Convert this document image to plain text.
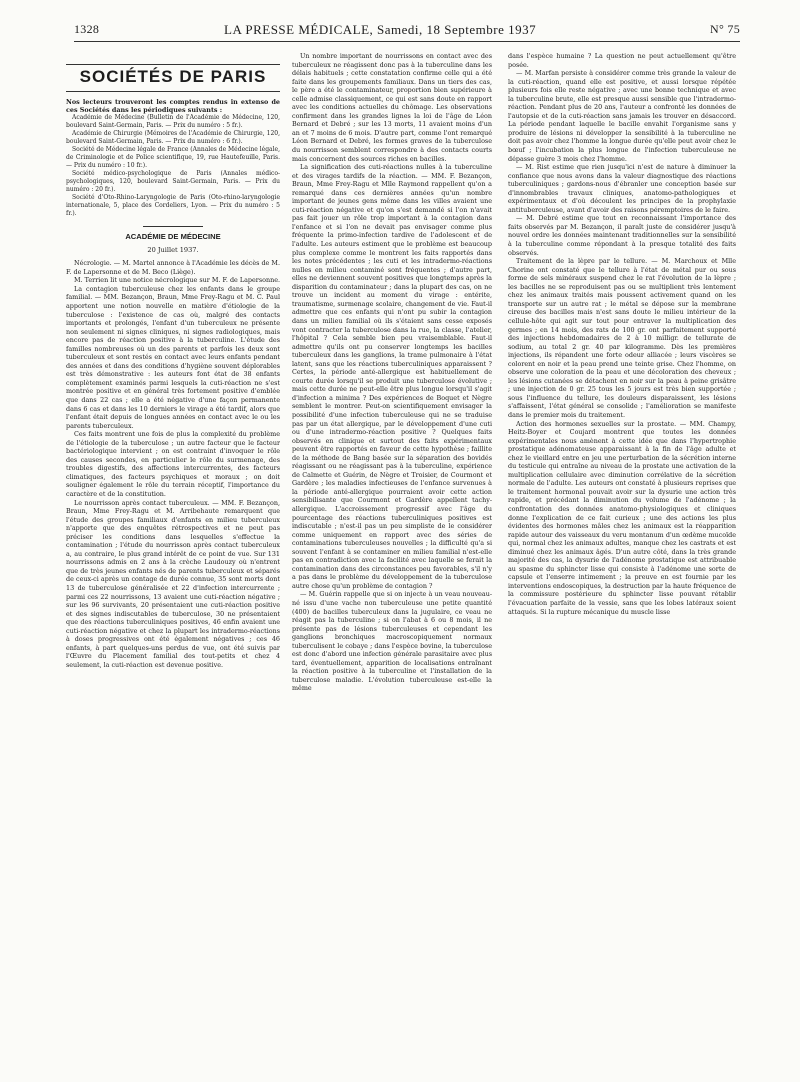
1328	LA PRESSE MÉDICALE, Samedi, 18 Septembre 1937	N° 75
SOCIÉTÉS DE PARIS

Nos lecteurs trouveront les comptes rendus in extenso de ces Sociétés dans les périodiques suivants :

Académie de Médecine (Bulletin de l'Académie de Médecine, 120, boulevard Saint-Germain, Paris. — Prix du numéro : 5 fr.).

Académie de Chirurgie (Mémoires de l'Académie de Chirurgie, 120, boulevard Saint-Germain, Paris. — Prix du numéro : 6 fr.).

Société de Médecine légale de France (Annales de Médecine légale, de Criminologie et de Police scientifique, 19, rue Hautefeuille, Paris. — Prix du numéro : 10 fr.).

Société médico-psychologique de Paris (Annales médico-psychologiques, 120, boulevard Saint-Germain, Paris. — Prix du numéro : 20 fr.).

Société d'Oto-Rhino-Laryngologie de Paris (Oto-rhino-laryngologie internationale, 5, place des Cordeliers, Lyon. — Prix du numéro : 5 fr.).

ACADÉMIE DE MÉDECINE
20 Juillet 1937.

Nécrologie. — M. Martel annonce à l'Académie les décès de M. F. de Lapersonne et de M. Beco (Liège).

M. Terrien lit une notice nécrologique sur M. F. de Lapersonne.

La contagion tuberculeuse chez les enfants dans le groupe familial. — MM. Bezançon, Braun, Mme Frey-Ragu et M. C. Paul apportent une notion nouvelle en matière d'étiologie de la tuberculose : l'existence de cas où, malgré des contacts importants et prolongés, l'enfant d'un tuberculeux ne présente non seulement ni signes cliniques, ni signes radiologiques, mais encore pas de réaction positive à la tuberculine. L'étude des familles nombreuses où un des parents et parfois les deux sont tuberculeux et sont restés en contact avec leurs enfants pendant des années et dans des conditions d'hygiène souvent déplorables est très démonstrative : les auteurs font état de 38 enfants complètement examinés parmi lesquels la cuti-réaction ne s'est montrée positive et en général très fortement positive d'emblée que dans 22 cas ; elle a été négative d'une façon permanente dans 6 cas et dans les 10 derniers le virage a été tardif, alors que l'enfant était depuis de longues années en contact avec le ou les parents tuberculeux.

Ces faits montrent une fois de plus la complexité du problème de l'étiologie de la tuberculose ; un autre facteur que le facteur bactériologique intervient ; on est contraint d'invoquer le rôle des causes secondes, en particulier le rôle du surmenage, des troubles digestifs, des affections intercurrentes, des facteurs climatiques, des facteurs psychiques et moraux ; on doit souligner également le rôle du terrain réceptif, l'importance du caractère et de la constitution.

Le nourrisson après contact tuberculeux. — MM. F. Bezançon, Braun, Mme Frey-Ragu et M. Arribehaute remarquent que l'étude des groupes familiaux d'enfants en milieu tuberculeux n'apporte que des enquêtes rétrospectives et ne peut pas préciser les conditions dans lesquelles s'effectue la contamination ; l'étude du nourrisson après contact tuberculeux a, au contraire, le plus grand intérêt de ce point de vue. Sur 131 nourrissons admis en 2 ans à la crèche Laudouzy où n'entrent que de très jeunes enfants nés de parents tuberculeux et séparés de ceux-ci après un contage de durée connue, 35 sont morts dont 13 de tuberculose généralisée et 22 d'infection intercurrente ; parmi ces 22 nourrissons, 13 avaient une cuti-réaction négative ; sur les 96 survivants, 20 présentaient une cuti-réaction positive et des signes indiscutables de tuberculose, 30 ne présentaient que des réactions tuberculiniques positives, 46 enfin avaient une cuti-réaction négative et chez la plupart les intradermo-réactions à doses progressives ont été également négatives ; ces 46 enfants, à part quelques-uns perdus de vue, ont été suivis par l'Œuvre du Placement familial des tout-petits et chez 4 seulement, la cuti-réaction est devenue positive.

Un nombre important de nourrissons en contact avec des tuberculeux ne réagissent donc pas à la tuberculine dans les délais habituels ; cette constatation confirme celle qui a été faite dans les groupements familiaux. Dans un tiers des cas, le père a été le contaminateur, proportion bien supérieure à celle admise classiquement, ce qui est sans doute en rapport avec les conditions actuelles du chômage. Les observations confirment dans les grandes lignes la loi de l'âge de Léon Bernard et Debré ; sur les 13 morts, 11 avaient moins d'un an et 7 moins de 6 mois. D'autre part, comme l'ont remarqué Léon Bernard et Debré, les formes graves de la tuberculose du nourrisson semblent correspondre à des contacts courts mais concernent des sources riches en bacilles.

La signification des cuti-réactions nulles à la tuberculine et des virages tardifs de la réaction. — MM. F. Bezançon, Braun, Mme Frey-Ragu et Mlle Raymond rappellent qu'on a remarqué dans ces dernières années qu'un nombre important de jeunes gens même dans les villes avaient une cuti-réaction négative et qu'on s'est demandé si l'on n'avait pas fait jouer un rôle trop important à la contagion dans l'enfance et si l'on ne devait pas envisager comme plus fréquente la primo-infection tardive de l'adolescent et de l'adulte. Les auteurs estiment que le problème est beaucoup plus complexe comme le montrent les faits rapportés dans les notes précédentes ; les cuti et les intradermo-réactions nulles en milieu contaminé sont fréquentes ; d'autre part, elles ne deviennent souvent positives que longtemps après la disparition du contaminateur ; dans la plupart des cas, on ne trouve un incident au moment du virage : entérite, traumatisme, surmenage scolaire, changement de vie. Faut-il admettre que ces enfants qui n'ont pu subir la contagion dans un milieu familial où ils s'étaient sans cesse exposés vont contracter la tuberculose dans la rue, la classe, l'atelier, l'hôpital ? Cela semble bien peu vraisemblable. Faut-il admettre qu'ils ont pu conserver longtemps les bacilles tuberculeux dans les ganglions, la trame pulmonaire à l'état latent, sans que les réactions tuberculiniques apparaissent ? Certes, la période anté-allergique est habituellement de courte durée lorsqu'il se produit une tuberculose évolutive ; mais cette durée ne peut-elle être plus longue lorsqu'il s'agit d'infection a minima ? Des expériences de Boquet et Nègre semblent le montrer. Peut-on scientifiquement envisager la possibilité d'une infection tuberculeuse qui ne se traduise pas par un état allergique, par le développement d'une cuti ou d'une intradermo-réaction positive ? Quelques faits observés en clinique et surtout des faits expérimentaux peuvent être rapportés en faveur de cette hypothèse ; faillite de la méthode de Bang basée sur la séparation des bovidés réagissant ou ne réagissant pas à la tuberculine, expérience de Calmette et Guérin, de Nègre et Troisier, de Courmont et Gardère ; les maladies infectieuses de l'enfance survenues à la période anté-allergique pourraient avoir cette action sensibilisante que Courmont et Gardère appellent tachy-allergique. L'accroissement progressif avec l'âge du pourcentage des réactions tuberculiniques positives est indiscutable ; n'est-il pas un peu simpliste de le considérer comme uniquement en rapport avec des séries de contaminations tuberculeuses nouvelles ; la difficulté qu'a si souvent l'enfant à se contaminer en milieu familial n'est-elle pas en contradiction avec la facilité avec laquelle se ferait la contamination dans des circonstances peu favorables, s'il n'y a pas dans le problème du développement de la tuberculose autre chose qu'un problème de contagion ?

— M. Guérin rappelle que si on injecte à un veau nouveau-né issu d'une vache non tuberculeuse une petite quantité (400) de bacilles tuberculeux dans la jugulaire, ce veau ne réagit pas la tuberculine ; si on l'abat à 6 ou 8 mois, il ne présente pas de lésions tuberculeuses et cependant les ganglions bronchiques macroscopiquement normaux tuberculisent le cobaye ; dans l'espèce bovine, la tuberculose est donc d'abord une infection générale parasitaire avec plus tard, éventuellement, apparition de localisations entraînant la réaction positive à la tuberculine et l'installation de la tuberculose maladie. L'évolution tuberculeuse est-elle la même

dans l'espèce humaine ? La question ne peut actuellement qu'être posée.

— M. Marfan persiste à considérer comme très grande la valeur de la cuti-réaction, quand elle est positive, et aussi lorsque répétée plusieurs fois elle reste négative ; avec une bonne technique et avec la tuberculine brute, elle est presque aussi sensible que l'intradermo-réaction. Pendant plus de 20 ans, l'auteur a confronté les données de l'autopsie et de la cuti-réaction sans jamais les trouver en désaccord. La période pendant laquelle le bacille envahit l'organisme sans y produire de lésions ni développer la sensibilité à la tuberculine ne doit pas avoir chez l'homme la longue durée qu'elle peut avoir chez le bœuf ; l'incubation la plus longue de l'infection tuberculeuse ne dépasse guère 3 mois chez l'homme.

— M. Rist estime que rien jusqu'ici n'est de nature à diminuer la confiance que nous avons dans la valeur diagnostique des réactions tuberculiniques ; gardons-nous d'ébranler une conception basée sur d'innombrables travaux cliniques, anatomo-pathologiques et expérimentaux et d'où découlent les principes de la prophylaxie antituberculeuse, avant d'avoir des raisons péremptoires de le faire.

— M. Debré estime que tout en reconnaissant l'importance des faits observés par M. Bezançon, il paraît juste de considérer jusqu'à nouvel ordre les données maintenant traditionnelles sur la sensibilité à la tuberculine comme répondant à la presque totalité des faits observés.

Traitement de la lèpre par le tellure. — M. Marchoux et Mlle Chorine ont constaté que le tellure à l'état de métal pur ou sous forme de sels minéraux suspend chez le rat l'évolution de la lèpre ; les bacilles ne se reproduisent pas ou se multiplient très lentement chez les animaux traités mais poussent activement quand on les transporte sur un autre rat ; le métal se dépose sur la membrane cireuse des bacilles mais n'est sans doute le milieu intérieur de la cellule-hôte qui agit sur tout pour entraver la multiplication des germes ; en 14 mois, des rats de 100 gr. ont parfaitement supporté des injections hebdomadaires de 2 à 10 milligr. de tellurate de sodium, au total 2 gr. 40 par kilogramme. Dès les premières injections, ils répandent une forte odeur alliacée ; leurs viscères se colorent en noir et la peau prend une teinte grise. Chez l'homme, on observe une coloration de la peau et une décoloration des cheveux ; les lésions cutanées se détachent en noir sur la peau à peine grisâtre ; une injection de 0 gr. 25 tous les 5 jours est très bien supportée ; sous l'influence du tellure, les douleurs disparaissent, les lésions s'affaissent, l'état général se consolide ; l'amélioration se manifeste dans le premier mois du traitement.

Action des hormones sexuelles sur la prostate. — MM. Champy, Heitz-Boyer et Coujard montrent que toutes les données expérimentales nous amènent à cette idée que dans l'hypertrophie prostatique adénomateuse apparaissant à la fin de l'âge adulte et chez le vieillard entre en jeu une perturbation de la sécrétion interne du testicule qui entraîne au niveau de la prostate une activation de la multiplication cellulaire avec diminution corrélative de la sécrétion normale de l'adulte. Les auteurs ont constaté à plusieurs reprises que le traitement hormonal pouvait avoir sur la dysurie une action très rapide, et précédant la diminution du volume de l'adénome ; la confrontation des données anatomo-physiologiques et cliniques donne l'explication de ce fait curieux ; une des actions les plus évidentes des hormones mâles chez les animaux est la réapparition rapide autour des vaisseaux du veru montanum d'un œdème mucoïde qui, normal chez les animaux adultes, manque chez les castrats et est diminué chez les animaux âgés. D'un autre côté, dans la très grande majorité des cas, la dysurie de l'adénome prostatique est attribuable au spasme du sphincter lisse qui consiste à l'adénome une sorte de capsule et l'enserre intimement ; la preuve en est fournie par les interventions endoscopiques, la destruction par la haute fréquence de la commissure postérieure du sphincter lisse pouvant rétablir l'évacuation parfaite de la vessie, sans que les lobes latéraux soient attaqués. Si la rupture mécanique du muscle lisse
